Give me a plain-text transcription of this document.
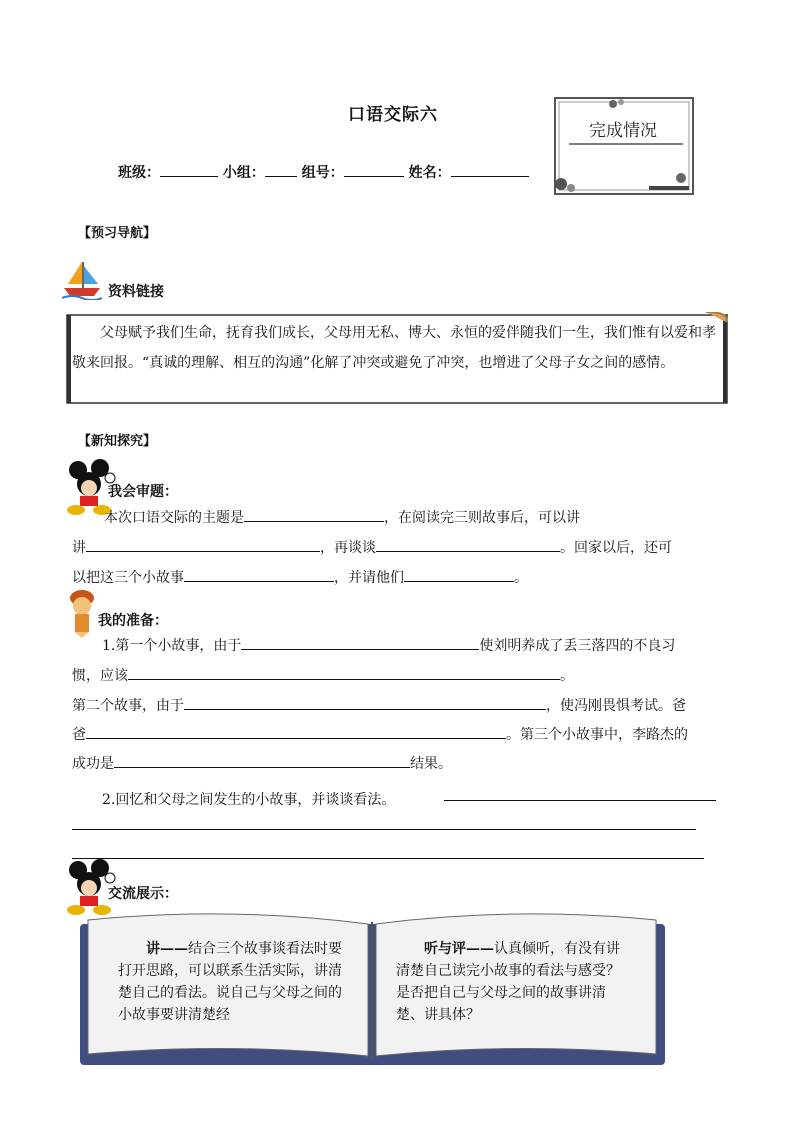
口语交际六
班级：	小组：	组号：	姓名：
完成情况
【预习导航】
资料链接
父母赋予我们生命，抚育我们成长，父母用无私、博大、永恒的爱伴随我们一生，我们惟有以爱和孝敬来回报。“真诚的理解、相互的沟通”化解了冲突或避免了冲突，也增进了父母子女之间的感情。
【新知探究】
我会审题：
本次口语交际的主题是	，在阅读完三则故事后，可以讲
讲	，再谈谈	。回家以后，还可
以把这三个小故事	，并请他们	。
我的准备：
1.第一个小故事，由于	使刘明养成了丢三落四的不良习
惯，应该	。
第二个故事，由于	，使冯刚畏惧考试。爸
爸	。第三个小故事中，李路杰的
成功是	结果。
2.回忆和父母之间发生的小故事，并谈谈看法。
交流展示：
讲——结合三个故事谈看法时要打开思路，可以联系生活实际，讲清楚自己的看法。说自己与父母之间的小故事要讲清楚经
听与评——认真倾听，有没有讲清楚自己读完小故事的看法与感受？是否把自己与父母之间的故事讲清楚、讲具体？
